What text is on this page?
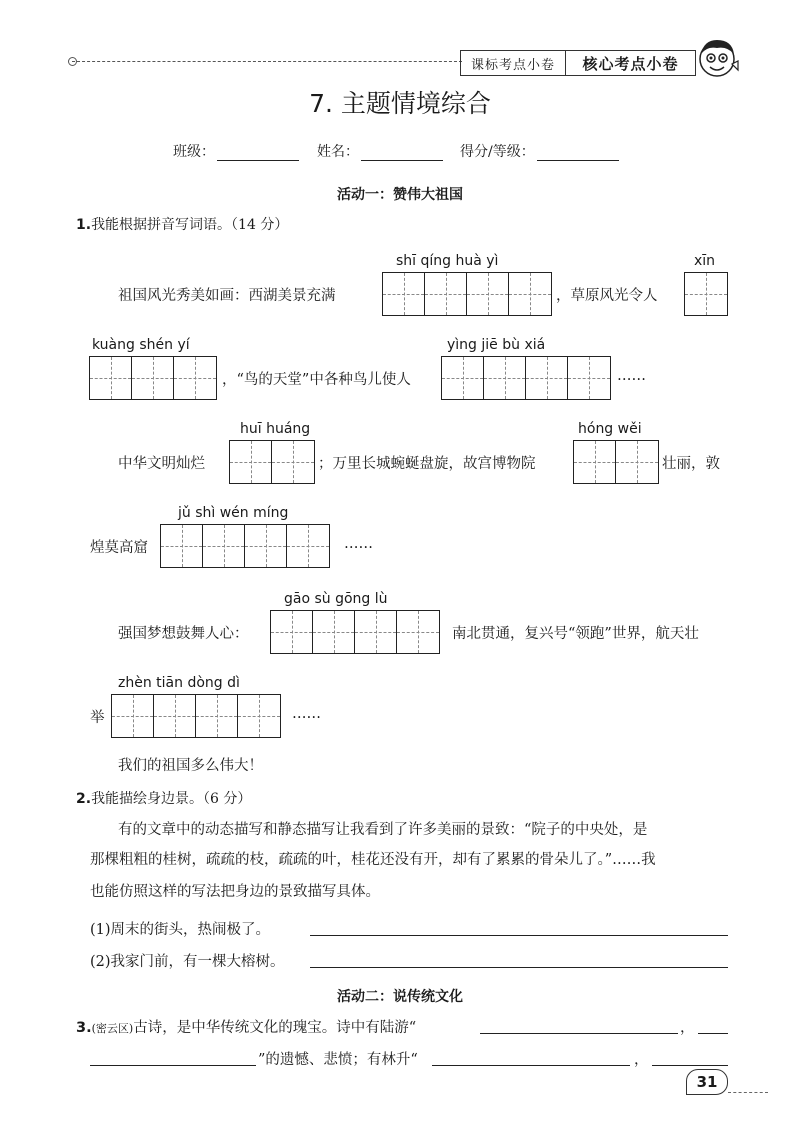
课标考点小卷	核心考点小卷
7. 主题情境综合
班级：	姓名：	得分/等级：
活动一：赞伟大祖国
1.我能根据拼音写词语。（14 分）
shī qíng huà yì	xīn
祖国风光秀美如画：西湖美景充满	，草原风光令人
kuàng shén yí	yìng jiē bù xiá
，“鸟的天堂”中各种鸟儿使人	……
huī huáng	hóng wěi
中华文明灿烂	；万里长城蜿蜒盘旋，故宫博物院	壮丽，敦
jǔ shì wén míng
煌莫高窟	……
gāo sù gōng lù
强国梦想鼓舞人心：	南北贯通，复兴号“领跑”世界，航天壮
zhèn tiān dòng dì
举	……
我们的祖国多么伟大！
2.我能描绘身边景。（6 分）
有的文章中的动态描写和静态描写让我看到了许多美丽的景致：“院子的中央处，是
那棵粗粗的桂树，疏疏的枝，疏疏的叶，桂花还没有开，却有了累累的骨朵儿了。”……我
也能仿照这样的写法把身边的景致描写具体。
(1)周末的街头，热闹极了。
(2)我家门前，有一棵大榕树。
活动二：说传统文化
3.(密云区)古诗，是中华传统文化的瑰宝。诗中有陆游“	，
”的遗憾、悲愤；有林升“	，
31
